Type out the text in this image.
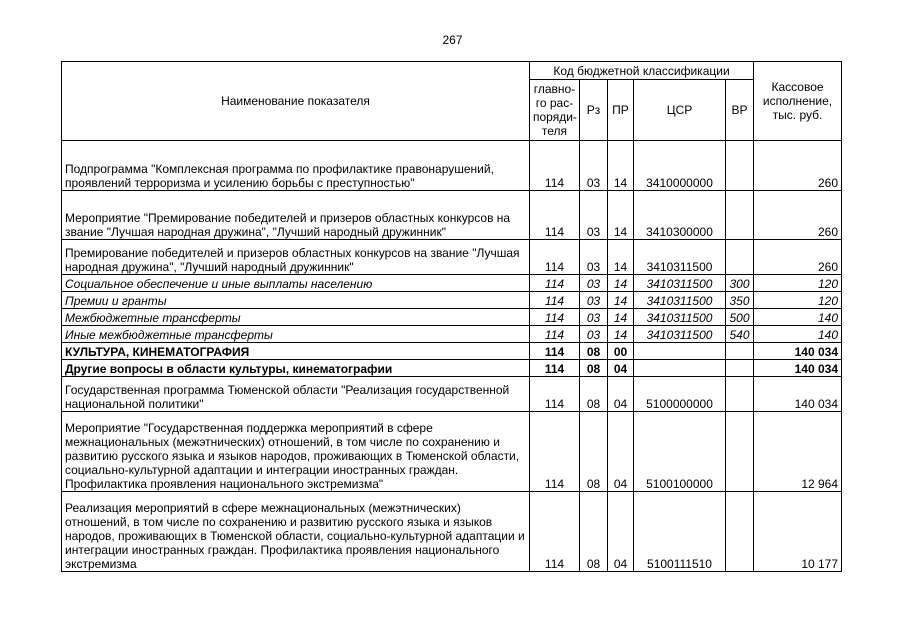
267
Наименование показателя	Код бюджетной классификации					Кассовое
исполнение,
тыс. руб.

	главно-
го рас-
поряди-
теля	Рз	ПР	ЦСР	ВР	
Подпрограмма "Комплексная программа по профилактике правонарушений, проявлений терроризма и усилению борьбы с преступностью"	114	03	14	3410000000		260
Мероприятие "Премирование победителей и призеров областных конкурсов на звание "Лучшая народная дружина", "Лучший народный дружинник"	114	03	14	3410300000		260
Премирование победителей и призеров областных конкурсов на звание "Лучшая народная дружина", "Лучший народный дружинник"	114	03	14	3410311500		260
Социальное обеспечение и иные выплаты населению	114	03	14	3410311500	300	120
Премии и гранты	114	03	14	3410311500	350	120
Межбюджетные трансферты	114	03	14	3410311500	500	140
Иные межбюджетные трансферты	114	03	14	3410311500	540	140
КУЛЬТУРА, КИНЕМАТОГРАФИЯ	114	08	00			140 034
Другие вопросы в области культуры, кинематографии	114	08	04			140 034
Государственная программа Тюменской области "Реализация государственной национальной политики"	114	08	04	5100000000		140 034
Мероприятие "Государственная поддержка мероприятий в сфере межнациональных (межэтнических) отношений, в том числе по сохранению и развитию русского языка и языков народов, проживающих в Тюменской области, социально-культурной адаптации и интеграции иностранных граждан. Профилактика проявления национального экстремизма"	114	08	04	5100100000		12 964
Реализация мероприятий в сфере межнациональных (межэтнических) отношений, в том числе по сохранению и развитию русского языка и языков народов, проживающих в Тюменской области, социально-культурной адаптации и интеграции иностранных граждан. Профилактика проявления национального экстремизма	114	08	04	5100111510		10 177
